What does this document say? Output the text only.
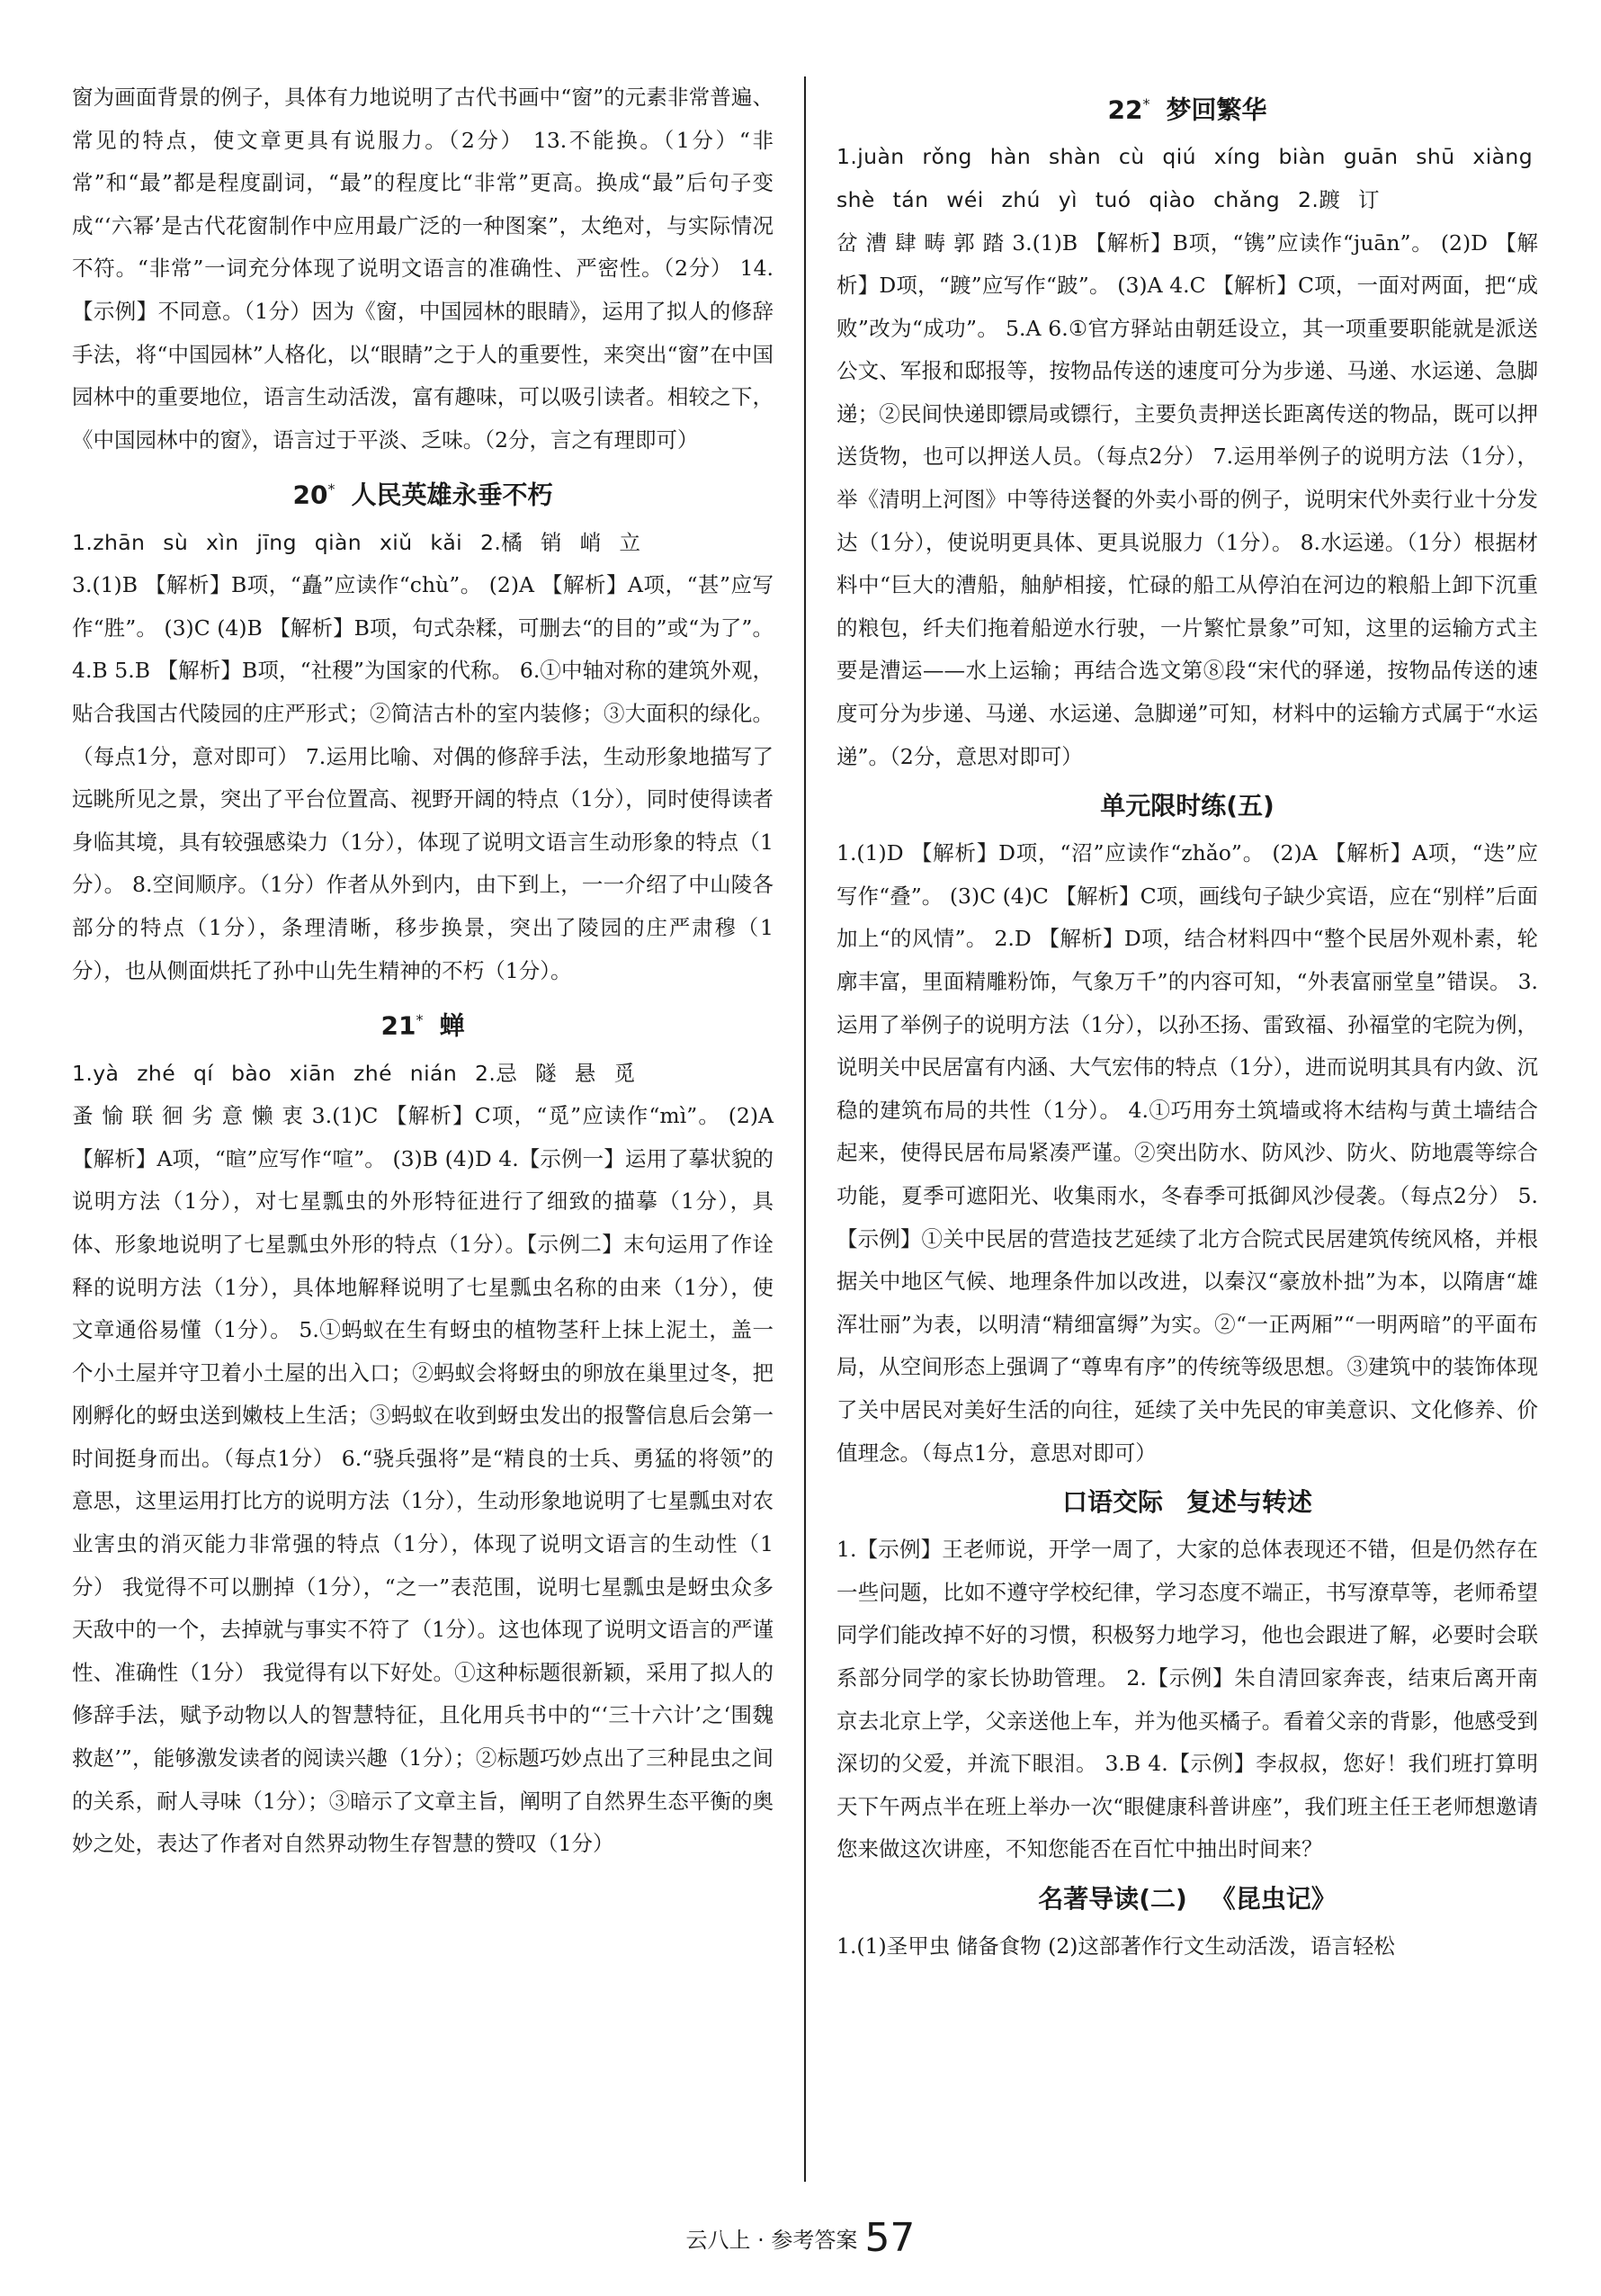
窗为画面背景的例子，具体有力地说明了古代书画中“窗”的元素非常普遍、常见的特点，使文章更具有说服力。（2分） 13.不能换。（1分）“非常”和“最”都是程度副词，“最”的程度比“非常”更高。换成“最”后句子变成“‘六幂’是古代花窗制作中应用最广泛的一种图案”，太绝对，与实际情况不符。“非常”一词充分体现了说明文语言的准确性、严密性。（2分） 14.【示例】不同意。（1分）因为《窗，中国园林的眼睛》，运用了拟人的修辞手法，将“中国园林”人格化，以“眼睛”之于人的重要性，来突出“窗”在中国园林中的重要地位，语言生动活泼，富有趣味，可以吸引读者。相较之下，《中国园林中的窗》，语言过于平淡、乏味。（2分，言之有理即可）

20* 人民英雄永垂不朽

1.zhān sù xìn jīng qiàn xiǔ kǎi 2.橘 销 峭 立

3.(1)B 【解析】B项，“矗”应读作“chù”。 (2)A 【解析】A项，“甚”应写作“胜”。 (3)C (4)B 【解析】B项，句式杂糅，可删去“的目的”或“为了”。 4.B 5.B 【解析】B项，“社稷”为国家的代称。 6.①中轴对称的建筑外观，贴合我国古代陵园的庄严形式；②简洁古朴的室内装修；③大面积的绿化。（每点1分，意对即可） 7.运用比喻、对偶的修辞手法，生动形象地描写了远眺所见之景，突出了平台位置高、视野开阔的特点（1分），同时使得读者身临其境，具有较强感染力（1分），体现了说明文语言生动形象的特点（1分）。 8.空间顺序。（1分）作者从外到内，由下到上，一一介绍了中山陵各部分的特点（1分），条理清晰，移步换景，突出了陵园的庄严肃穆（1分），也从侧面烘托了孙中山先生精神的不朽（1分）。

21* 蝉

1.yà zhé qí bào xiān zhé nián 2.忌 隧 悬 觅

蚤 愉 联 徊 劣 意 懒 衷 3.(1)C 【解析】C项，“觅”应读作“mì”。 (2)A 【解析】A项，“暄”应写作“喧”。 (3)B (4)D 4.【示例一】运用了摹状貌的说明方法（1分），对七星瓢虫的外形特征进行了细致的描摹（1分），具体、形象地说明了七星瓢虫外形的特点（1分）。【示例二】末句运用了作诠释的说明方法（1分），具体地解释说明了七星瓢虫名称的由来（1分），使文章通俗易懂（1分）。 5.①蚂蚁在生有蚜虫的植物茎秆上抹上泥土，盖一个小土屋并守卫着小土屋的出入口；②蚂蚁会将蚜虫的卵放在巢里过冬，把刚孵化的蚜虫送到嫩枝上生活；③蚂蚁在收到蚜虫发出的报警信息后会第一时间挺身而出。（每点1分） 6.“骁兵强将”是“精良的士兵、勇猛的将领”的意思，这里运用打比方的说明方法（1分），生动形象地说明了七星瓢虫对农业害虫的消灭能力非常强的特点（1分），体现了说明文语言的生动性（1分） 我觉得不可以删掉（1分），“之一”表范围，说明七星瓢虫是蚜虫众多天敌中的一个，去掉就与事实不符了（1分）。这也体现了说明文语言的严谨性、准确性（1分） 我觉得有以下好处。①这种标题很新颖，采用了拟人的修辞手法，赋予动物以人的智慧特征，且化用兵书中的“‘三十六计’之‘围魏救赵’”，能够激发读者的阅读兴趣（1分）；②标题巧妙点出了三种昆虫之间的关系，耐人寻味（1分）；③暗示了文章主旨，阐明了自然界生态平衡的奥妙之处，表达了作者对自然界动物生存智慧的赞叹（1分）

22* 梦回繁华

1.juàn rǒng hàn shàn cù qiú xíng biàn guān shū xiàng shè tán wéi zhú yì tuó qiào chǎng 2.踱 订

岔 漕 肆 畴 郭 踏 3.(1)B 【解析】B项，“镌”应读作“juān”。 (2)D 【解析】D项，“踱”应写作“跛”。 (3)A 4.C 【解析】C项，一面对两面，把“成败”改为“成功”。 5.A 6.①官方驿站由朝廷设立，其一项重要职能就是派送公文、军报和邸报等，按物品传送的速度可分为步递、马递、水运递、急脚递；②民间快递即镖局或镖行，主要负责押送长距离传送的物品，既可以押送货物，也可以押送人员。（每点2分） 7.运用举例子的说明方法（1分），举《清明上河图》中等待送餐的外卖小哥的例子，说明宋代外卖行业十分发达（1分），使说明更具体、更具说服力（1分）。 8.水运递。（1分）根据材料中“巨大的漕船，舳舻相接，忙碌的船工从停泊在河边的粮船上卸下沉重的粮包，纤夫们拖着船逆水行驶，一片繁忙景象”可知，这里的运输方式主要是漕运——水上运输；再结合选文第⑧段“宋代的驿递，按物品传送的速度可分为步递、马递、水运递、急脚递”可知，材料中的运输方式属于“水运递”。（2分，意思对即可）

单元限时练(五)

1.(1)D 【解析】D项，“沼”应读作“zhǎo”。 (2)A 【解析】A项，“迭”应写作“叠”。 (3)C (4)C 【解析】C项，画线句子缺少宾语，应在“别样”后面加上“的风情”。 2.D 【解析】D项，结合材料四中“整个民居外观朴素，轮廓丰富，里面精雕粉饰，气象万千”的内容可知，“外表富丽堂皇”错误。 3.运用了举例子的说明方法（1分），以孙丕扬、雷致福、孙福堂的宅院为例，说明关中民居富有内涵、大气宏伟的特点（1分），进而说明其具有内敛、沉稳的建筑布局的共性（1分）。 4.①巧用夯土筑墙或将木结构与黄土墙结合起来，使得民居布局紧凑严谨。②突出防水、防风沙、防火、防地震等综合功能，夏季可遮阳光、收集雨水，冬春季可抵御风沙侵袭。（每点2分） 5.【示例】①关中民居的营造技艺延续了北方合院式民居建筑传统风格，并根据关中地区气候、地理条件加以改进，以秦汉“豪放朴拙”为本，以隋唐“雄浑壮丽”为表，以明清“精细富缛”为实。②“一正两厢”“一明两暗”的平面布局，从空间形态上强调了“尊卑有序”的传统等级思想。③建筑中的装饰体现了关中居民对美好生活的向往，延续了关中先民的审美意识、文化修养、价值理念。（每点1分，意思对即可）

口语交际 复述与转述

1.【示例】王老师说，开学一周了，大家的总体表现还不错，但是仍然存在一些问题，比如不遵守学校纪律，学习态度不端正，书写潦草等，老师希望同学们能改掉不好的习惯，积极努力地学习，他也会跟进了解，必要时会联系部分同学的家长协助管理。 2.【示例】朱自清回家奔丧，结束后离开南京去北京上学，父亲送他上车，并为他买橘子。看着父亲的背影，他感受到深切的父爱，并流下眼泪。 3.B 4.【示例】李叔叔，您好！我们班打算明天下午两点半在班上举办一次“眼健康科普讲座”，我们班主任王老师想邀请您来做这次讲座，不知您能否在百忙中抽出时间来？

名著导读(二) 《昆虫记》

1.(1)圣甲虫 储备食物 (2)这部著作行文生动活泼，语言轻松

云八上 · 参考答案 57
